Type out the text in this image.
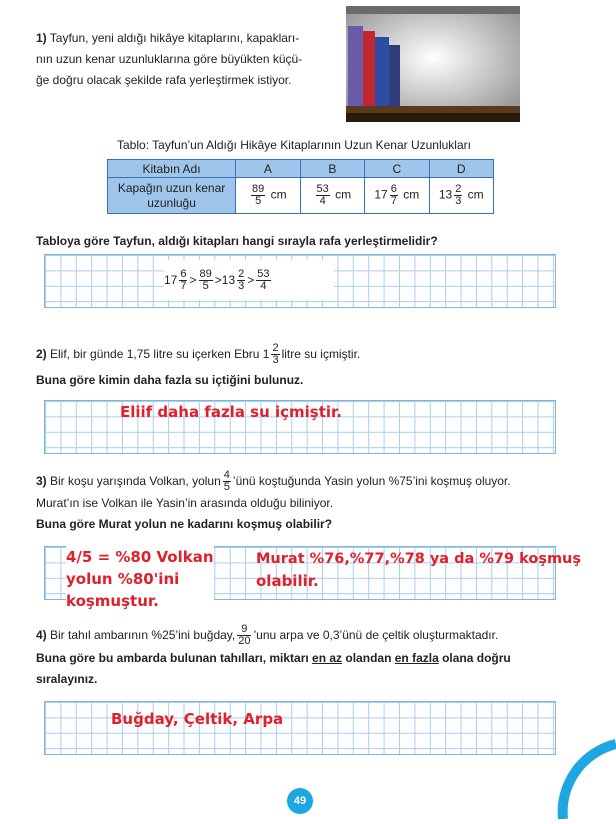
1) Tayfun, yeni aldığı hikâye kitaplarını, kapakları-
nın uzun kenar uzunluklarına göre büyükten küçü-
ğe doğru olacak şekilde rafa yerleştirmek istiyor.
Tablo: Tayfun’un Aldığı Hikâye Kitaplarının Uzun Kenar Uzunlukları
Kitabın Adı	A	B	C	D
Kapağın uzun kenar
uzunluğu	$\frac{89}{5}$ cm	$\frac{53}{4}$ cm	$17 \frac{6}{7}$ cm	$13 \frac{2}{3}$ cm
Tabloya göre Tayfun, aldığı kitapları hangi sırayla rafa yerleştirmelidir?
$17 \frac{6}{7} > \frac{89}{5} > 13 \frac{2}{3} > \frac{53}{4}$
2)
Elif, bir günde 1,75 litre su içerken Ebru $1 \frac{2}{3}$ litre su içmiştir.
Buna göre kimin daha fazla su içtiğini bulunuz.
Eliif daha fazla su içmiştir.
3)
Bir koşu yarışında Volkan, yolun $\frac{4}{5}$ ’ünü koştuğunda Yasin yolun %75’ini koşmuş oluyor.
Murat’ın ise Volkan ile Yasin’in arasında olduğu biliniyor.
Buna göre Murat yolun ne kadarını koşmuş olabilir?
4/5 = %80 Volkan
yolun %80'ini
koşmuştur.
Murat %76,%77,%78 ya da %79 koşmuş
olabilir.
4)
Bir tahıl ambarının %25’ini buğday, $\frac{9}{20}$ ’unu arpa ve 0,3’ünü de çeltik oluşturmaktadır.
Buna göre bu ambarda bulunan tahılları, miktarı en az olandan en fazla olana doğru
sıralayınız.
Buğday, Çeltik, Arpa
49
